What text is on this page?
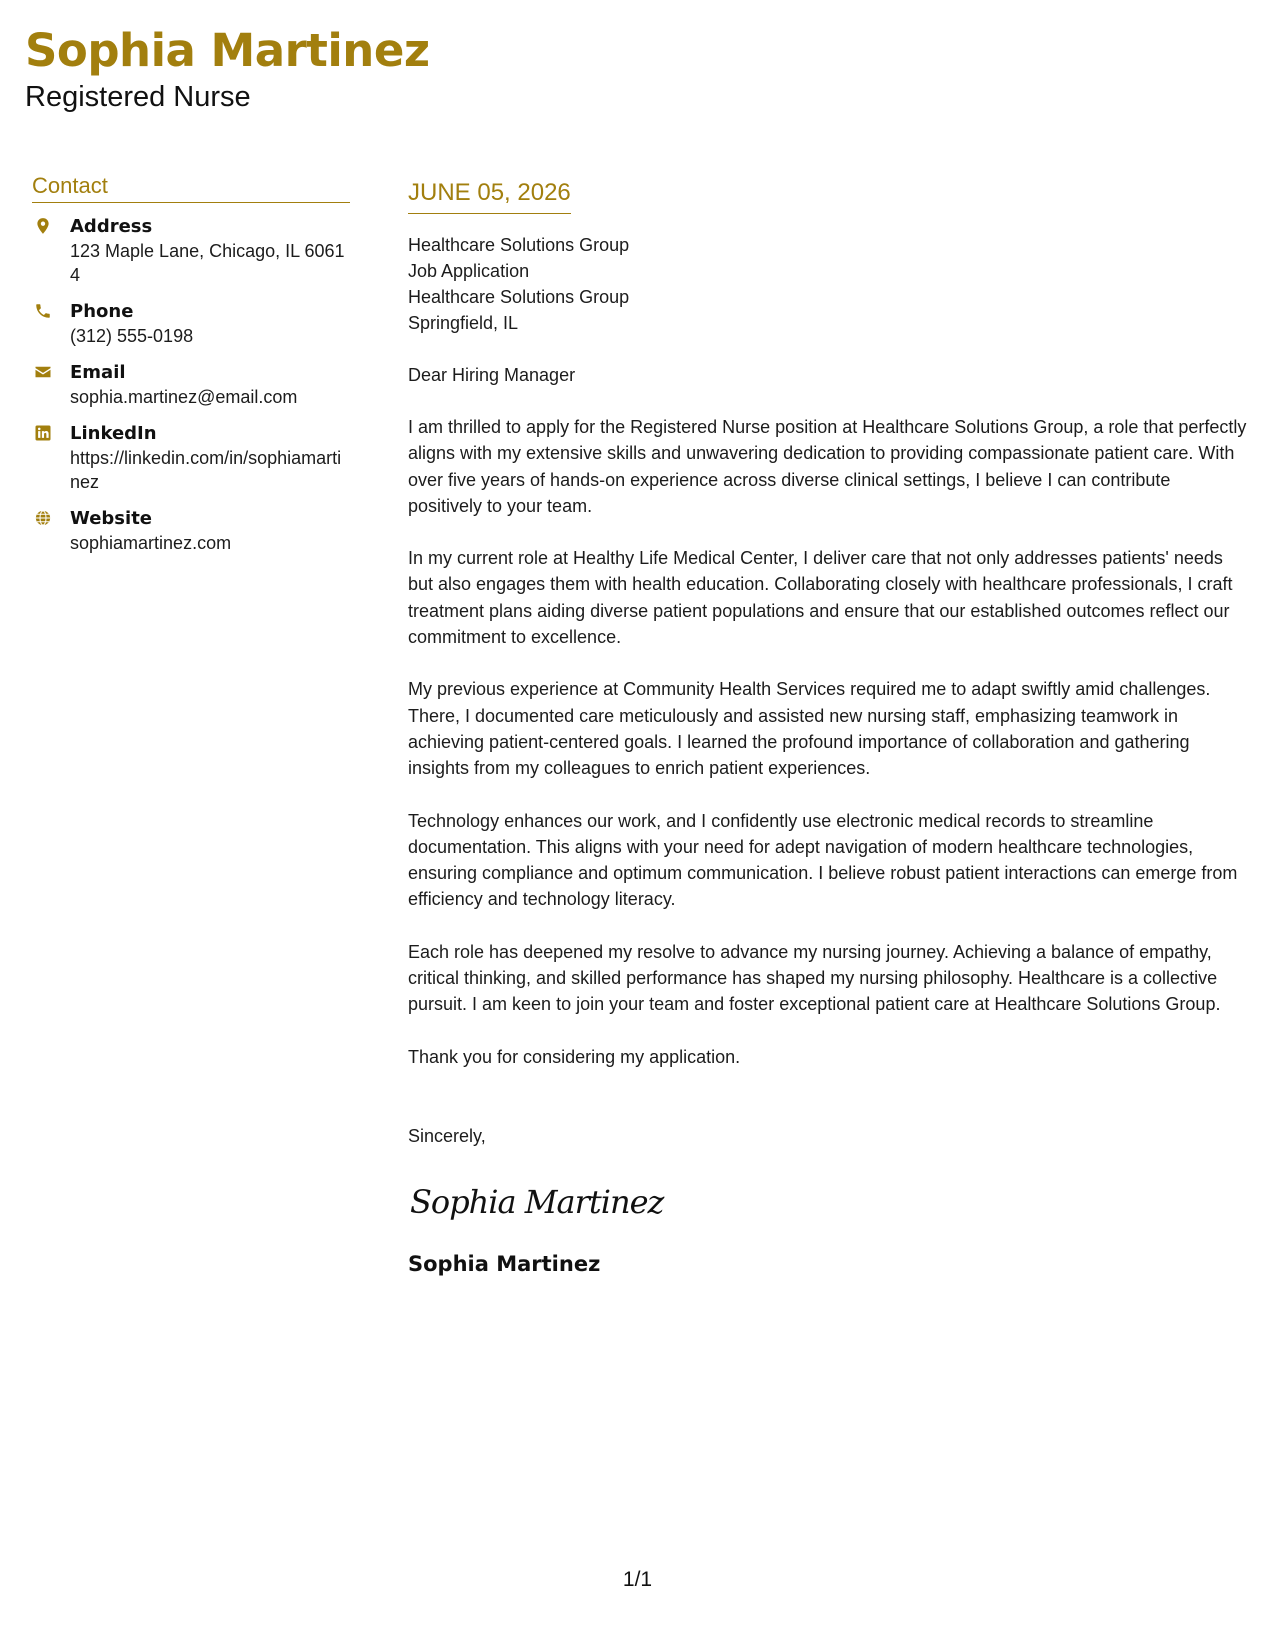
Sophia Martinez
Registered Nurse
Contact
Address
123 Maple Lane, Chicago, IL 60614
Phone
(312) 555-0198
Email
sophia.martinez@email.com
LinkedIn
https://linkedin.com/in/sophiamartinez
Website
sophiamartinez.com
JUNE 05, 2026
Healthcare Solutions Group
Job Application
Healthcare Solutions Group
Springfield, IL
Dear Hiring Manager

I am thrilled to apply for the Registered Nurse position at Healthcare Solutions Group, a role that perfectly aligns with my extensive skills and unwavering dedication to providing compassionate patient care. With over five years of hands-on experience across diverse clinical settings, I believe I can contribute positively to your team.

In my current role at Healthy Life Medical Center, I deliver care that not only addresses patients' needs but also engages them with health education. Collaborating closely with healthcare professionals, I craft treatment plans aiding diverse patient populations and ensure that our established outcomes reflect our commitment to excellence.

My previous experience at Community Health Services required me to adapt swiftly amid challenges. There, I documented care meticulously and assisted new nursing staff, emphasizing teamwork in achieving patient-centered goals. I learned the profound importance of collaboration and gathering insights from my colleagues to enrich patient experiences.

Technology enhances our work, and I confidently use electronic medical records to streamline documentation. This aligns with your need for adept navigation of modern healthcare technologies, ensuring compliance and optimum communication. I believe robust patient interactions can emerge from efficiency and technology literacy.

Each role has deepened my resolve to advance my nursing journey. Achieving a balance of empathy, critical thinking, and skilled performance has shaped my nursing philosophy. Healthcare is a collective pursuit. I am keen to join your team and foster exceptional patient care at Healthcare Solutions Group.

Thank you for considering my application.

Sincerely,
Sophia Martinez
Sophia Martinez
1/1
